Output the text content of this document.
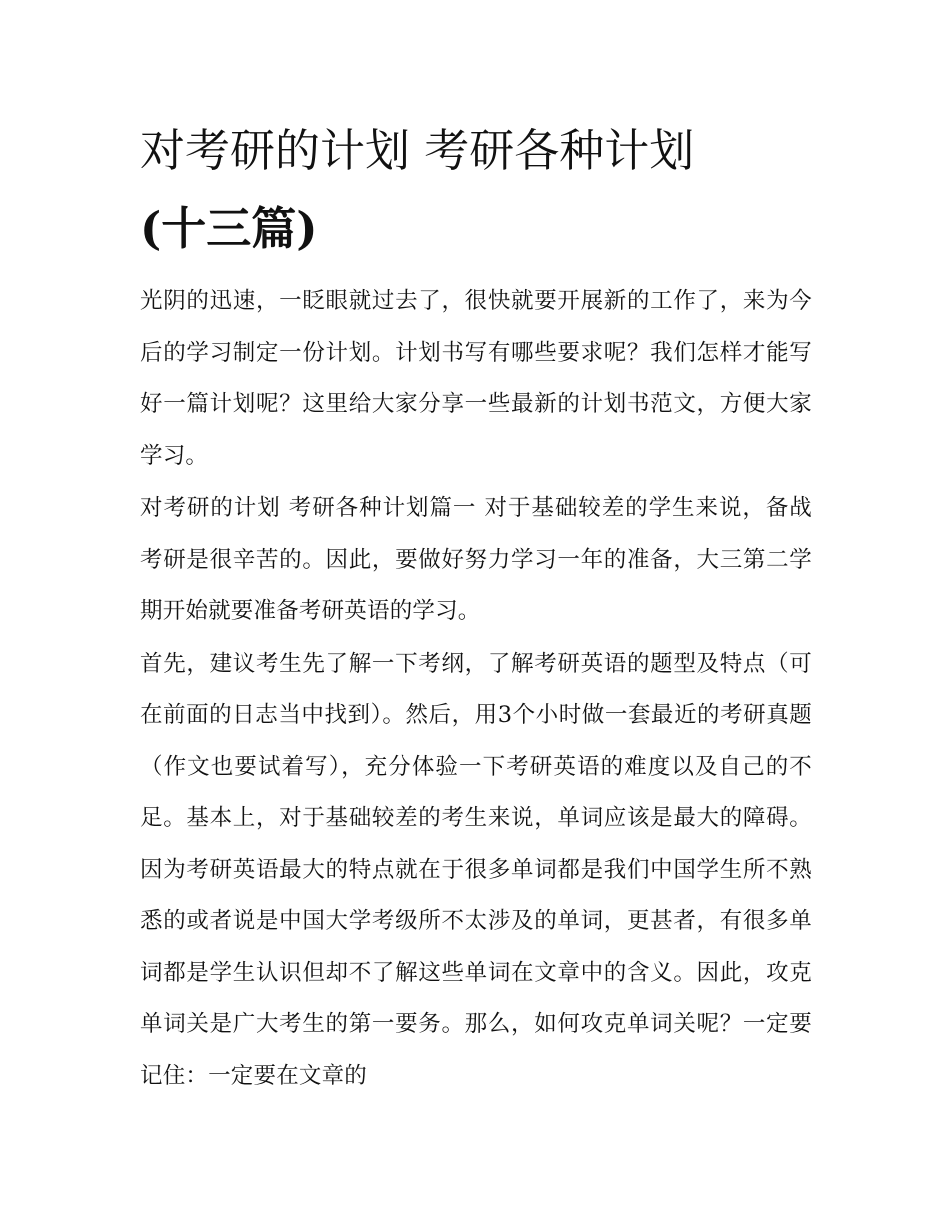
对考研的计划 考研各种计划
(十三篇)

光阴的迅速，一眨眼就过去了，很快就要开展新的工作了，来为今后的学习制定一份计划。计划书写有哪些要求呢？我们怎样才能写好一篇计划呢？这里给大家分享一些最新的计划书范文，方便大家学习。

对考研的计划 考研各种计划篇一 对于基础较差的学生来说，备战考研是很辛苦的。因此，要做好努力学习一年的准备，大三第二学期开始就要准备考研英语的学习。

首先，建议考生先了解一下考纲，了解考研英语的题型及特点（可在前面的日志当中找到）。然后，用3个小时做一套最近的考研真题（作文也要试着写），充分体验一下考研英语的难度以及自己的不足。基本上，对于基础较差的考生来说，单词应该是最大的障碍。因为考研英语最大的特点就在于很多单词都是我们中国学生所不熟悉的或者说是中国大学考级所不太涉及的单词，更甚者，有很多单词都是学生认识但却不了解这些单词在文章中的含义。因此，攻克单词关是广大考生的第一要务。那么，如何攻克单词关呢？一定要记住：一定要在文章的
